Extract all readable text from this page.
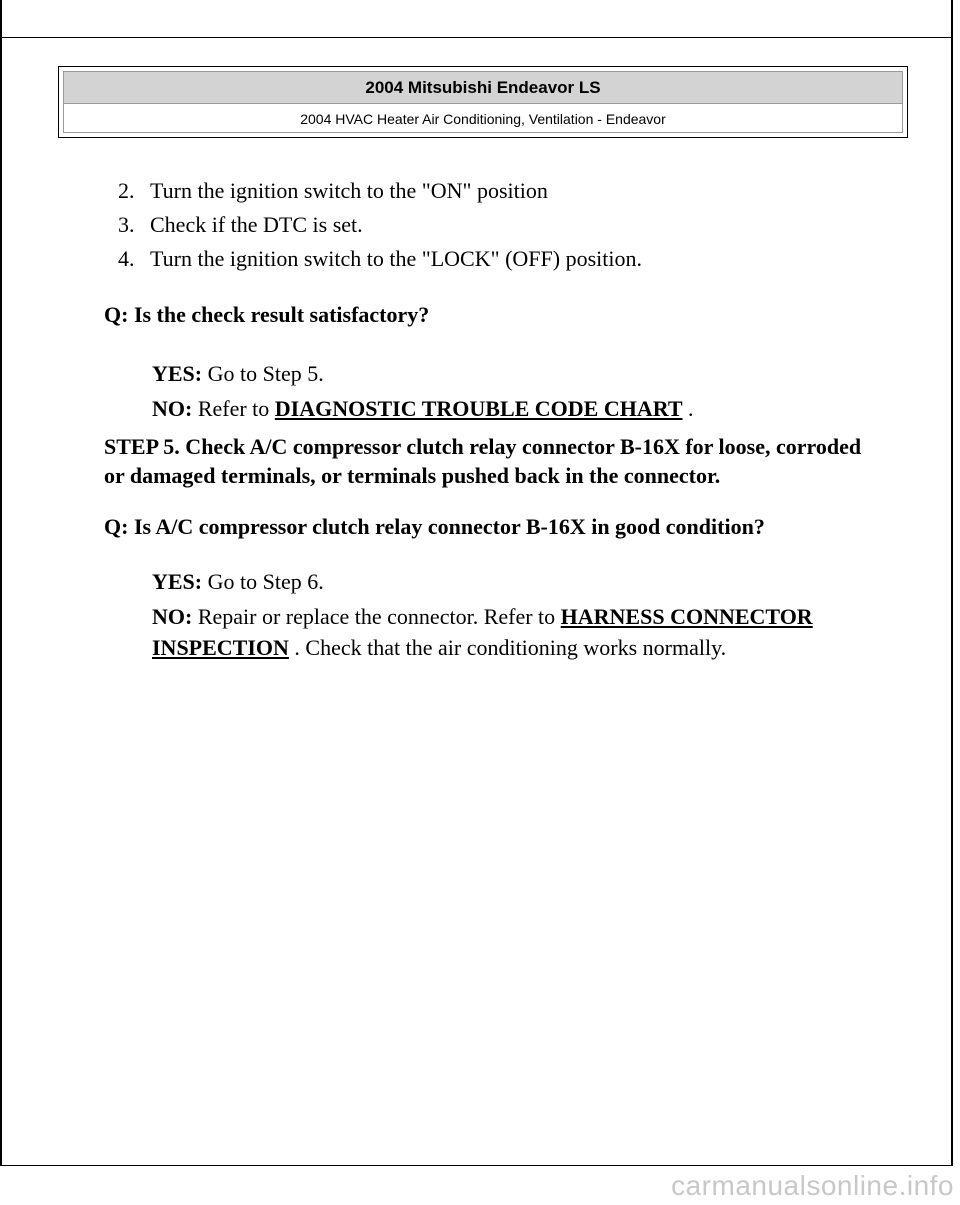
2004 Mitsubishi Endeavor LS
2004 HVAC Heater Air Conditioning, Ventilation - Endeavor
2. Turn the ignition switch to the "ON" position
3. Check if the DTC is set.
4. Turn the ignition switch to the "LOCK" (OFF) position.

Q: Is the check result satisfactory?

YES: Go to Step 5.

NO: Refer to DIAGNOSTIC TROUBLE CODE CHART .

STEP 5. Check A/C compressor clutch relay connector B-16X for loose, corroded or damaged terminals, or terminals pushed back in the connector.

Q: Is A/C compressor clutch relay connector B-16X in good condition?

YES: Go to Step 6.

NO: Repair or replace the connector. Refer to HARNESS CONNECTOR INSPECTION . Check that the air conditioning works normally.

carmanualsonline.info
